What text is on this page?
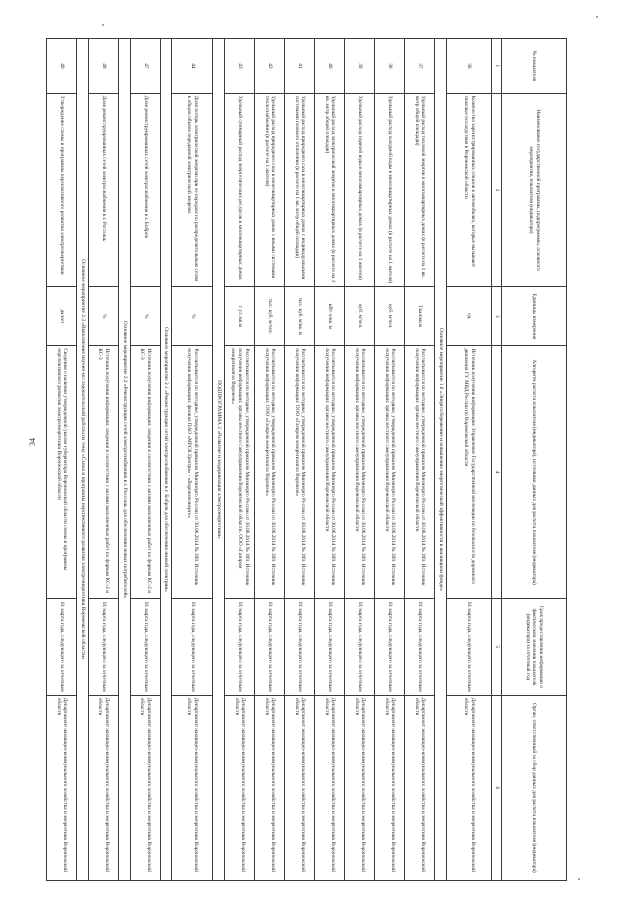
34
№ показателя	Наименование государственной программы, подпрограммы, основного мероприятия, показателя (индикатора)	Единицы измерения	Алгоритм расчета показателя (индикатора), источники данных для расчета показателя (индикатора)	Срок предоставления информации о фактическом значении показателя (индикатора) за отчетный год	Орган, ответственный за сбор данных для расчета показателя (индикатора)
1	2	3	4	5	6
36	Количество зарегистрированных отказов в автомобилях, которые вызывают тяжелые последствия в Воронежской области	ед.	Источник получения информации: Управление Государственной инспекции по безопасности дорожного движения ГУ МВД России по Воронежской области	01 марта года, следующего за отчетным	Департамент жилищно-коммунального хозяйства и энергетики Воронежской области
Основное мероприятие 1.6 «Энергосбережение и повышение энергетической эффективности в жилищном фонде»					
37	Удельный расход тепловой энергии в многоквартирных домах (в расчете на 1 кв. метр общей площади)	Гкал/кв.м	Рассчитывается по методике, утвержденной приказом Минэнерго России от 30.06.2014 № 399. Источник получения информации: органы местного самоуправления Воронежской области	01 марта года, следующего за отчетным	Департамент жилищно-коммунального хозяйства и энергетики Воронежской области
38	Удельный расход холодной воды в многоквартирных домах (в расчете на 1 жителя)	куб. м/чел.	Рассчитывается по методике, утвержденной приказом Минэнерго России от 30.06.2014 № 399. Источник получения информации: органы местного самоуправления Воронежской области	01 марта года, следующего за отчетным	Департамент жилищно-коммунального хозяйства и энергетики Воронежской области
39	Удельный расход горячей воды в многоквартирных домах (в расчете на 1 жителя)	куб. м/чел.	Рассчитывается по методике, утвержденной приказом Минэнерго России от 30.06.2014 № 399. Источник получения информации: органы местного самоуправления Воронежской области	01 марта года, следующего за отчетным	Департамент жилищно-коммунального хозяйства и энергетики Воронежской области
40	Удельный расход электрической энергии в многоквартирных домах (в расчете на 1 кв. метр общей площади)	кВт·ч/кв. м	Рассчитывается по методике, утвержденной приказом Минэнерго России от 30.06.2014 № 399. Источник получения информации: органы местного самоуправления Воронежской области	01 марта года, следующего за отчетным	Департамент жилищно-коммунального хозяйства и энергетики Воронежской области
41	Удельный расход природного газа в многоквартирных домах с индивидуальными системами газового отопления (в расчете на 1 кв. метр общей площади)	тыс. куб. м/кв. м	Рассчитывается по методике, утвержденной приказом Минэнерго России от 30.06.2014 № 399. Источник получения информации: ООО «Газпром межрегионгаз Воронеж»	01 марта года, следующего за отчетным	Департамент жилищно-коммунального хозяйства и энергетики Воронежской области
42	Удельный расход природного газа в многоквартирных домах с иными системами теплоснабжения (в расчете на 1 жителя)	тыс. куб. м/чел.	Рассчитывается по методике, утвержденной приказом Минэнерго России от 30.06.2014 № 399. Источник получения информации: ООО «Газпром межрегионгаз Воронеж»	01 марта года, следующего за отчетным	Департамент жилищно-коммунального хозяйства и энергетики Воронежской области
43	Удельный суммарный расход энергетических ресурсов в многоквартирных домах	т у.т./кв.м	Рассчитывается по методике, утвержденной приказом Минэнерго России от 30.06.2014 № 399. Источник получения информации: органы местного самоуправления Воронежской области, ООО «Газпром межрегионгаз Воронеж»	01 марта года, следующего за отчетным	Департамент жилищно-коммунального хозяйства и энергетики Воронежской области
ПОДПРОГРАММА 2 «Развитие и модернизация электроэнергетики»					
44	Доля потерь электрической энергии при ее передаче по распределительным сетям в общем объеме переданной электрической энергии	%	Рассчитывается по методике, утвержденной приказом Минэнерго России от 30.06.2014 № 399. Источник получения информации: филиал ПАО «МРСК Центра» - «Воронежэнерго»	01 марта года, следующего за отчетным	Департамент жилищно-коммунального хозяйства и энергетики Воронежской области
Основное мероприятие 2.1 «Реконструкция сетей электроснабжения в г. Бобров для обеспечения низкой электрии»					
47	Доля реконструированных сетей электроснабжения в г. Бобров	%	Источник получения информации: сведения в соответствии с актами выполненных работ по формам КС-2 и КС-3	01 марта года, следующего за отчетным	Департамент жилищно-коммунального хозяйства и энергетики Воронежской области
Основное мероприятие 2.2 «Реконструкция сетей электроснабжения в г. Россошь для обеспечения новых потребителей»					
48	Доля реконструированных сетей электроснабжения в г. Россошь	%	Источник получения информации: сведения в соответствии с актами выполненных работ по формам КС-2 и КС-3	01 марта года, следующего за отчетным	Департамент жилищно-коммунального хозяйства и энергетики Воронежской области
Основное мероприятие 2.3 «Выполнение научно-исследовательской работы на тему «Схема и программа перспективного развития электроэнергетики Воронежской области»					
49	Утверждение схемы и программы перспективного развития электроэнергетики	да/нет	Сведения о наличии утвержденной указом губернатора Воронежской области схемы и программы перспективного развития электроэнергетики Воронежской области	01 марта года, следующего за отчетным	Департамент жилищно-коммунального хозяйства и энергетики Воронежской области
